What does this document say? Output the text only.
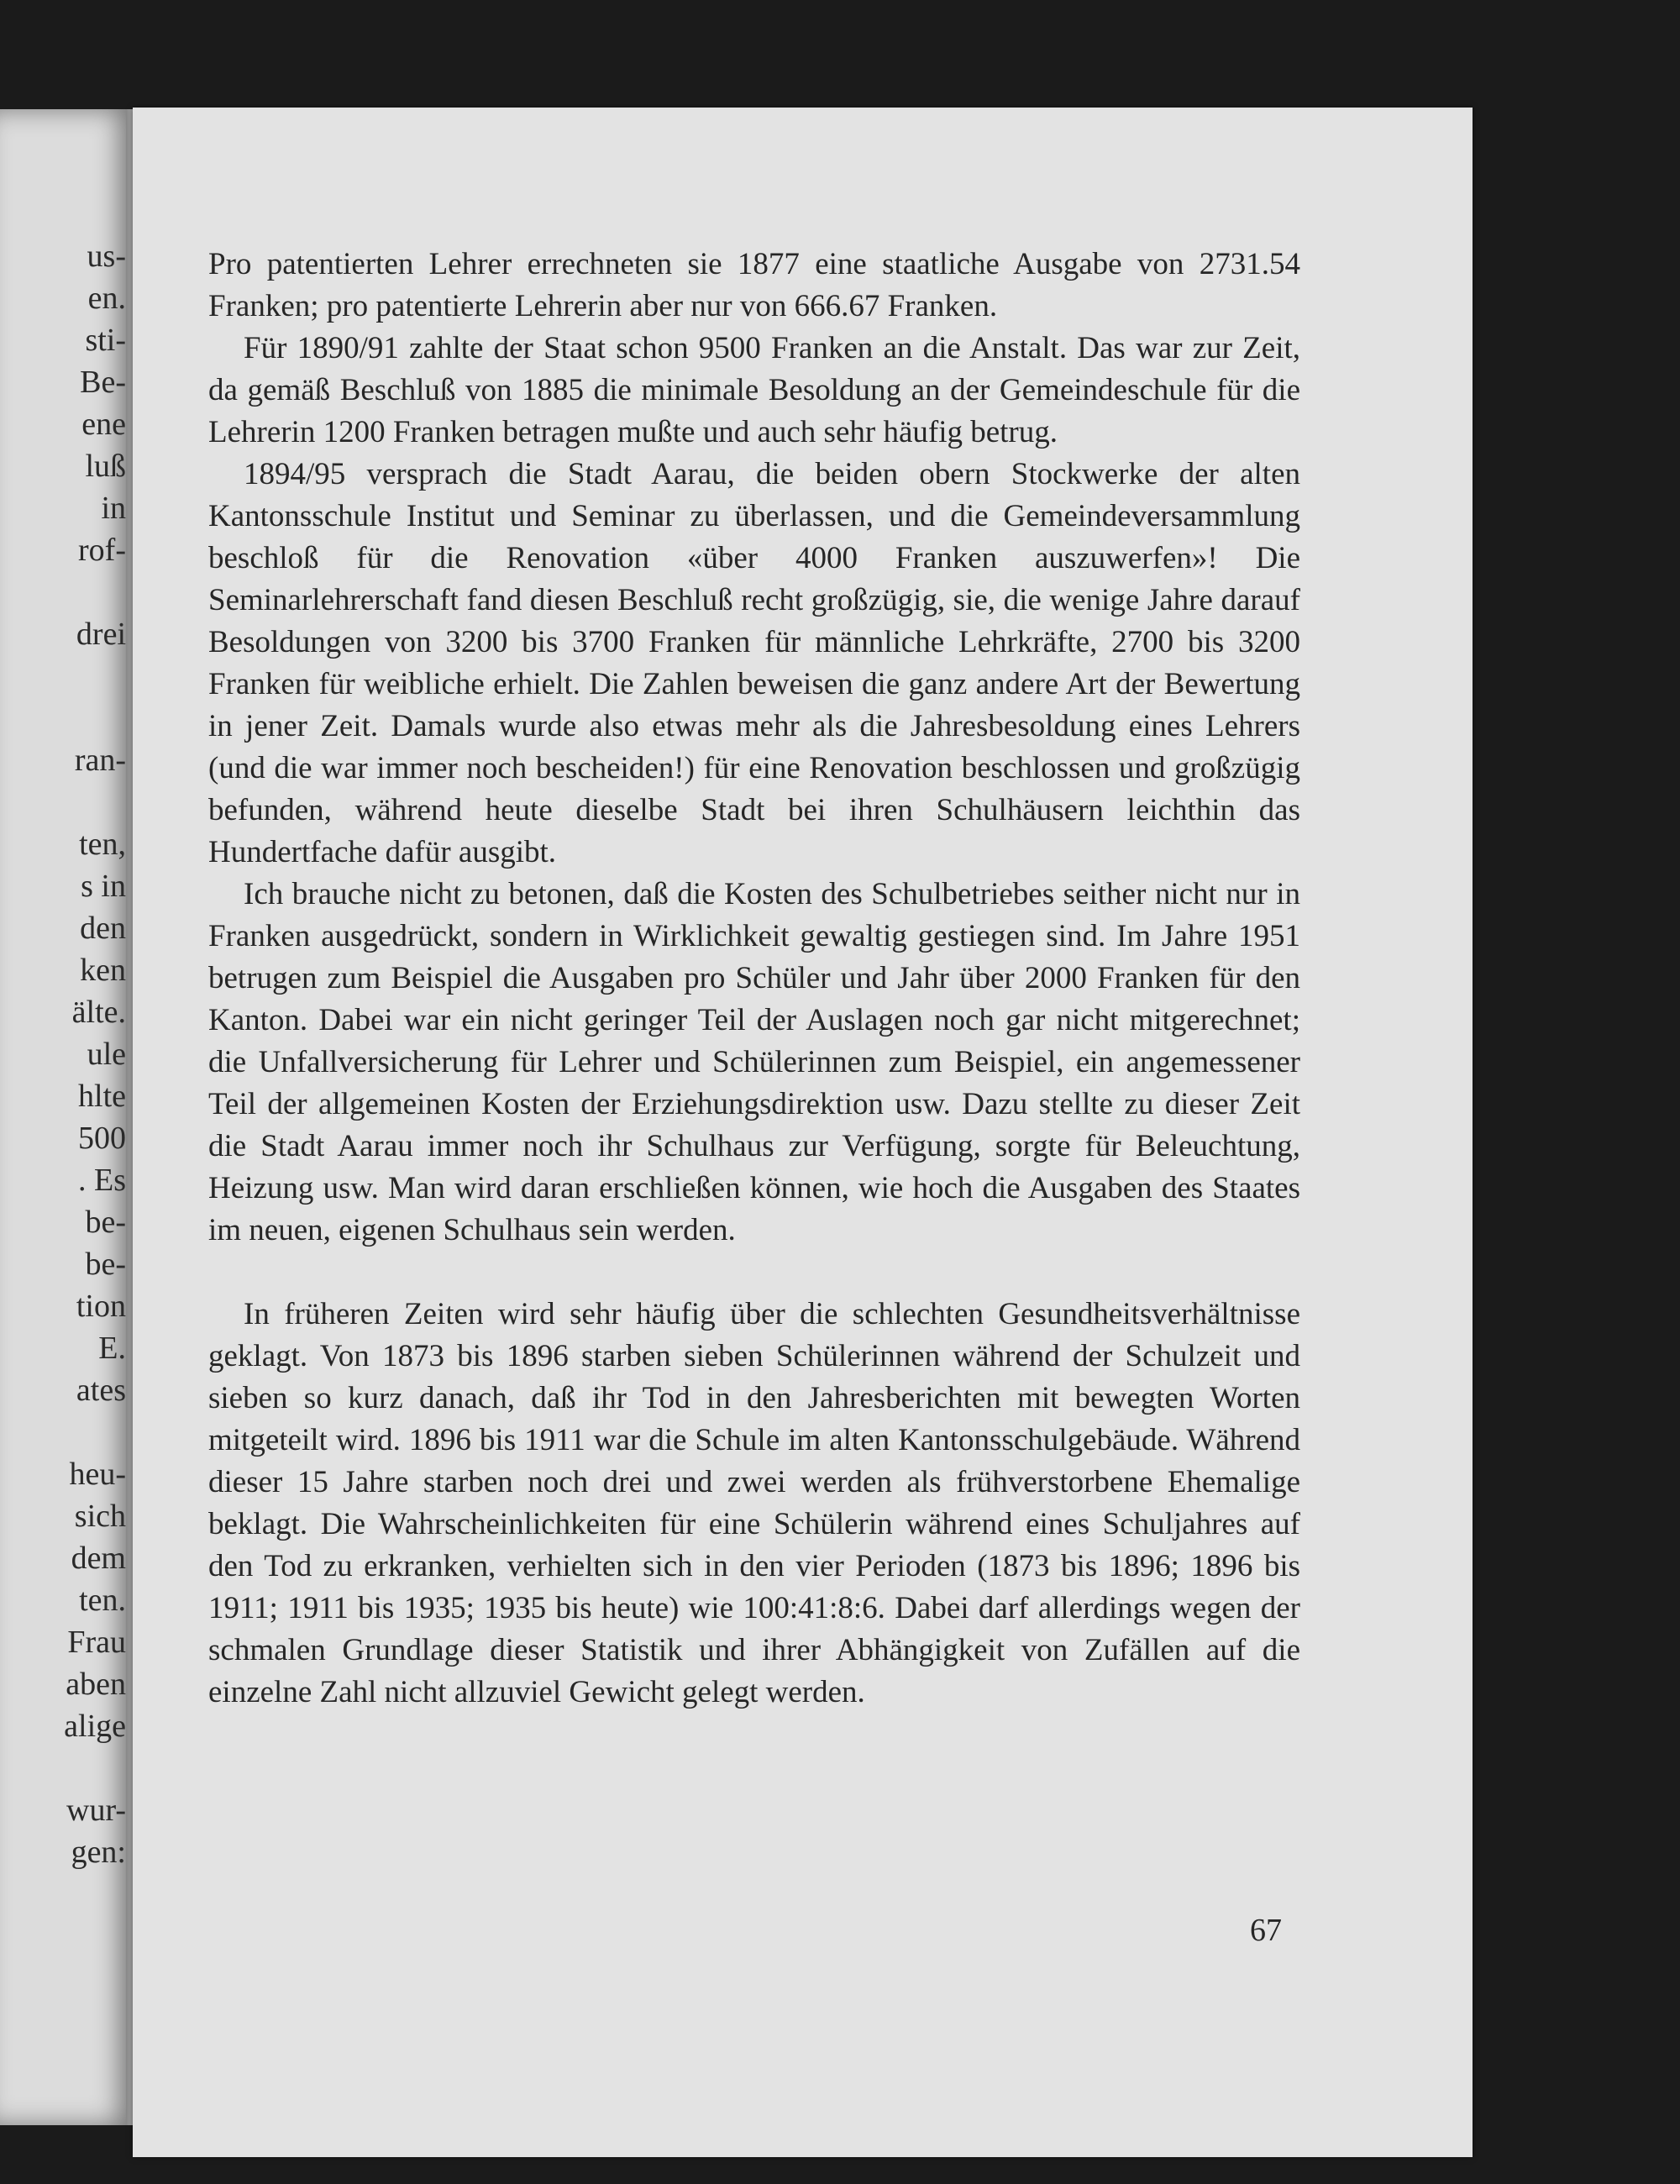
us-
en.
sti-
Be-
ene
luß
in
rof-
drei
ran-
ten,
s in
den
ken
älte.
ule
hlte
500
. Es
be-
be-
tion
E.
ates
heu-
sich
dem
ten.
Frau
aben
alige
wur-
gen:

Pro patentierten Lehrer errechneten sie 1877 eine staatliche Ausgabe von 2731.54 Franken; pro patentierte Lehrerin aber nur von 666.67 Franken.

Für 1890/91 zahlte der Staat schon 9500 Franken an die Anstalt. Das war zur Zeit, da gemäß Beschluß von 1885 die minimale Besoldung an der Gemeindeschule für die Lehrerin 1200 Franken betragen mußte und auch sehr häufig betrug.

1894/95 versprach die Stadt Aarau, die beiden obern Stockwerke der alten Kantonsschule Institut und Seminar zu überlassen, und die Gemeindeversammlung beschloß für die Renovation «über 4000 Franken auszuwerfen»! Die Seminarlehrerschaft fand diesen Beschluß recht großzügig, sie, die wenige Jahre darauf Besoldungen von 3200 bis 3700 Franken für männliche Lehrkräfte, 2700 bis 3200 Franken für weibliche erhielt. Die Zahlen beweisen die ganz andere Art der Bewertung in jener Zeit. Damals wurde also etwas mehr als die Jahresbesoldung eines Lehrers (und die war immer noch bescheiden!) für eine Renovation beschlossen und großzügig befunden, während heute dieselbe Stadt bei ihren Schulhäusern leichthin das Hundertfache dafür ausgibt.

Ich brauche nicht zu betonen, daß die Kosten des Schulbetriebes seither nicht nur in Franken ausgedrückt, sondern in Wirklichkeit gewaltig gestiegen sind. Im Jahre 1951 betrugen zum Beispiel die Ausgaben pro Schüler und Jahr über 2000 Franken für den Kanton. Dabei war ein nicht geringer Teil der Auslagen noch gar nicht mitgerechnet; die Unfallversicherung für Lehrer und Schülerinnen zum Beispiel, ein angemessener Teil der allgemeinen Kosten der Erziehungsdirektion usw. Dazu stellte zu dieser Zeit die Stadt Aarau immer noch ihr Schulhaus zur Verfügung, sorgte für Beleuchtung, Heizung usw. Man wird daran erschließen können, wie hoch die Ausgaben des Staates im neuen, eigenen Schulhaus sein werden.

In früheren Zeiten wird sehr häufig über die schlechten Gesundheitsverhältnisse geklagt. Von 1873 bis 1896 starben sieben Schülerinnen während der Schulzeit und sieben so kurz danach, daß ihr Tod in den Jahresberichten mit bewegten Worten mitgeteilt wird. 1896 bis 1911 war die Schule im alten Kantonsschulgebäude. Während dieser 15 Jahre starben noch drei und zwei werden als frühverstorbene Ehemalige beklagt. Die Wahrscheinlichkeiten für eine Schülerin während eines Schuljahres auf den Tod zu erkranken, verhielten sich in den vier Perioden (1873 bis 1896; 1896 bis 1911; 1911 bis 1935; 1935 bis heute) wie 100:41:8:6. Dabei darf allerdings wegen der schmalen Grundlage dieser Statistik und ihrer Abhängigkeit von Zufällen auf die einzelne Zahl nicht allzuviel Gewicht gelegt werden.

67
